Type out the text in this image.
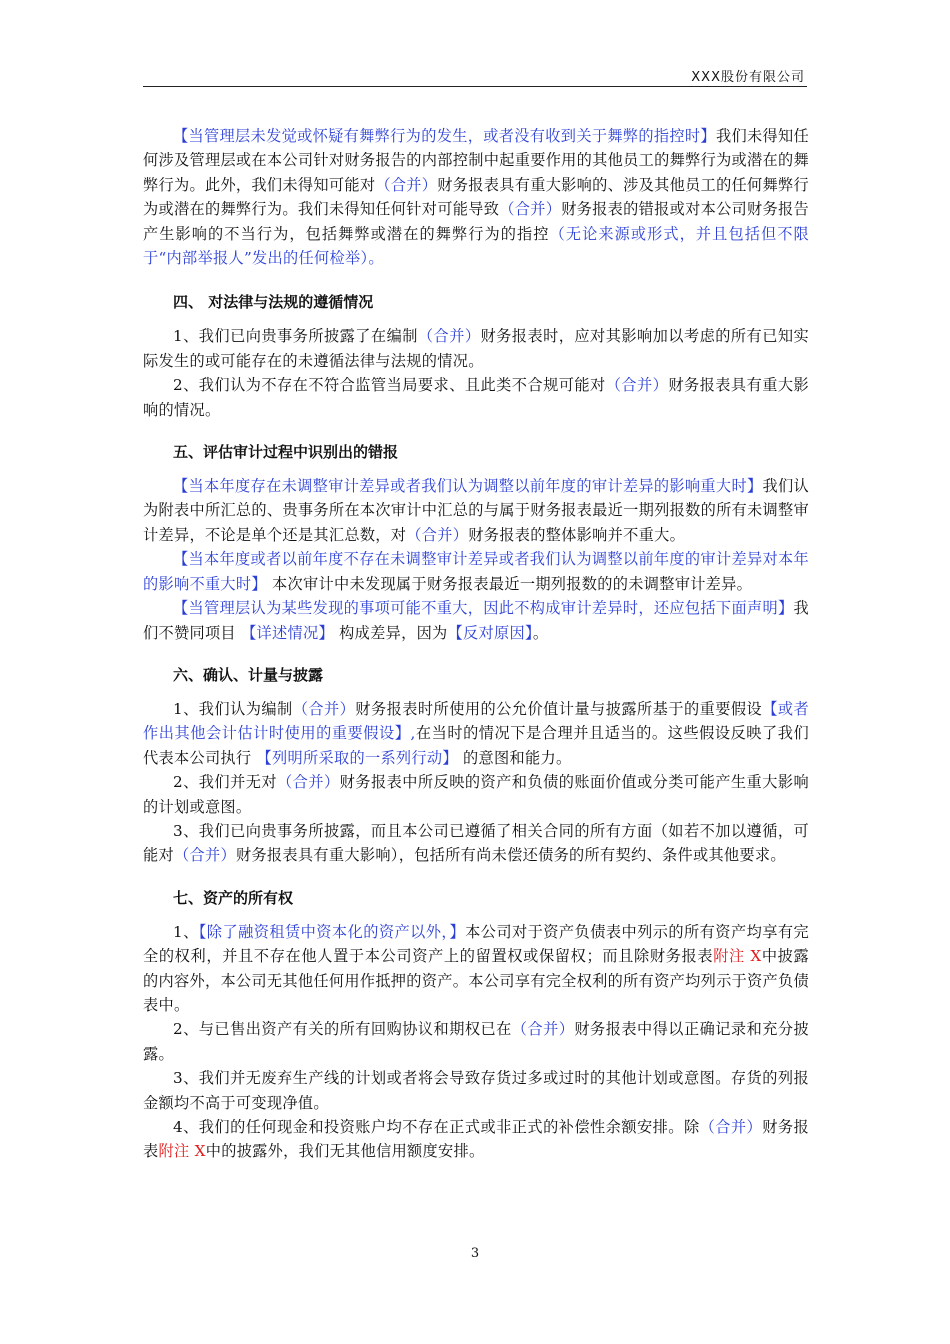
XXX股份有限公司

【当管理层未发觉或怀疑有舞弊行为的发生，或者没有收到关于舞弊的指控时】我们未得知任何涉及管理层或在本公司针对财务报告的内部控制中起重要作用的其他员工的舞弊行为或潜在的舞弊行为。此外，我们未得知可能对（合并）财务报表具有重大影响的、涉及其他员工的任何舞弊行为或潜在的舞弊行为。我们未得知任何针对可能导致（合并）财务报表的错报或对本公司财务报告产生影响的不当行为，包括舞弊或潜在的舞弊行为的指控（无论来源或形式，并且包括但不限于“内部举报人”发出的任何检举）。

四、 对法律与法规的遵循情况

1、我们已向贵事务所披露了在编制（合并）财务报表时，应对其影响加以考虑的所有已知实际发生的或可能存在的未遵循法律与法规的情况。

2、我们认为不存在不符合监管当局要求、且此类不合规可能对（合并）财务报表具有重大影响的情况。

五、评估审计过程中识别出的错报

【当本年度存在未调整审计差异或者我们认为调整以前年度的审计差异的影响重大时】我们认为附表中所汇总的、贵事务所在本次审计中汇总的与属于财务报表最近一期列报数的所有未调整审计差异，不论是单个还是其汇总数，对（合并）财务报表的整体影响并不重大。

【当本年度或者以前年度不存在未调整审计差异或者我们认为调整以前年度的审计差异对本年的影响不重大时】 本次审计中未发现属于财务报表最近一期列报数的的未调整审计差异。

【当管理层认为某些发现的事项可能不重大，因此不构成审计差异时，还应包括下面声明】我们不赞同项目 【详述情况】 构成差异，因为【反对原因】。

六、确认、计量与披露

1、我们认为编制（合并）财务报表时所使用的公允价值计量与披露所基于的重要假设【或者作出其他会计估计时使用的重要假设】,在当时的情况下是合理并且适当的。这些假设反映了我们代表本公司执行 【列明所采取的一系列行动】 的意图和能力。

2、我们并无对（合并）财务报表中所反映的资产和负债的账面价值或分类可能产生重大影响的计划或意图。

3、我们已向贵事务所披露，而且本公司已遵循了相关合同的所有方面（如若不加以遵循，可能对（合并）财务报表具有重大影响），包括所有尚未偿还债务的所有契约、条件或其他要求。

七、资产的所有权

1、【除了融资租赁中资本化的资产以外，】本公司对于资产负债表中列示的所有资产均享有完全的权利，并且不存在他人置于本公司资产上的留置权或保留权；而且除财务报表附注 X中披露的内容外，本公司无其他任何用作抵押的资产。本公司享有完全权利的所有资产均列示于资产负债表中。

2、与已售出资产有关的所有回购协议和期权已在（合并）财务报表中得以正确记录和充分披露。

3、我们并无废弃生产线的计划或者将会导致存货过多或过时的其他计划或意图。存货的列报金额均不高于可变现净值。

4、我们的任何现金和投资账户均不存在正式或非正式的补偿性余额安排。除（合并）财务报表附注 X中的披露外，我们无其他信用额度安排。

3
